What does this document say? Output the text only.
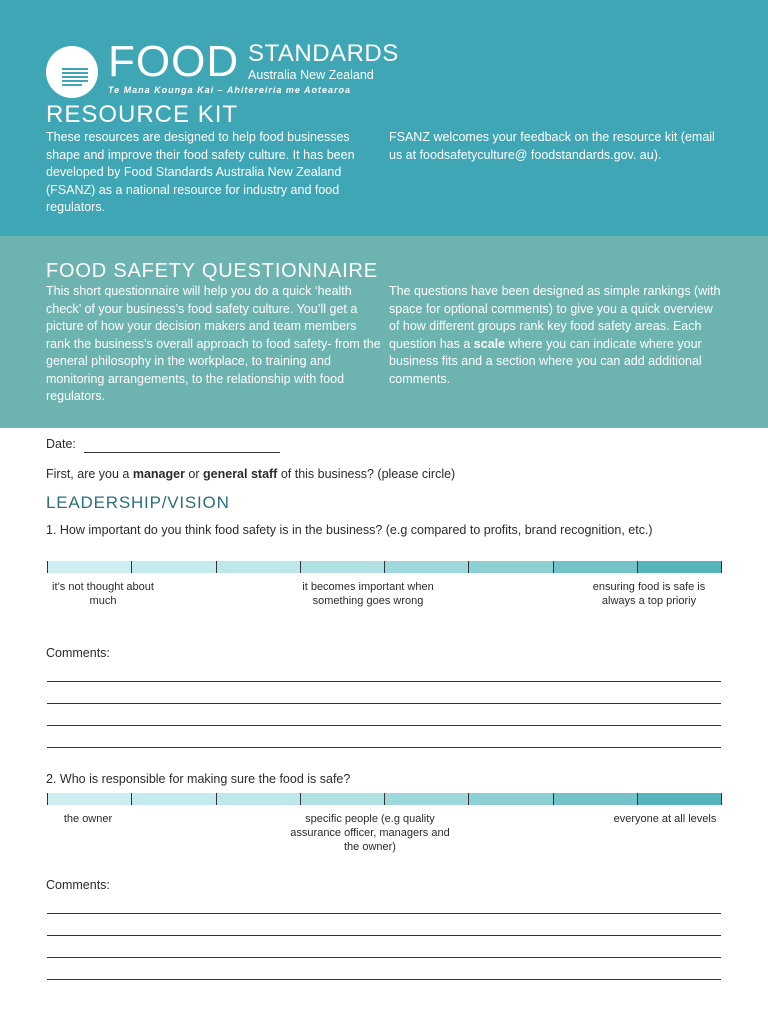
FOOD STANDARDS
Australia New Zealand
Te Mana Kounga Kai – Ahitereiria me Aotearoa
RESOURCE KIT

These resources are designed to help food businesses shape and improve their food safety culture. It has been developed by Food Standards Australia New Zealand (FSANZ) as a national resource for industry and food regulators.

FSANZ welcomes your feedback on the resource kit (email us at foodsafetyculture@ foodstandards.gov. au).

FOOD SAFETY QUESTIONNAIRE

This short questionnaire will help you do a quick ‘health check’ of your business’s food safety culture. You’ll get a picture of how your decision makers and team members rank the business’s overall approach to food safety- from the general philosophy in the workplace, to training and monitoring arrangements, to the relationship with food regulators.

The questions have been designed as simple rankings (with space for optional comments) to give you a quick overview of how different groups rank key food safety areas. Each question has a scale where you can indicate where your business fits and a section where you can add additional comments.

Date:
First, are you a manager or general staff of this business? (please circle)
LEADERSHIP/VISION

1. How important do you think food safety is in the business? (e.g compared to profits, brand recognition, etc.)

it’s not thought about much
it becomes important when something goes wrong
ensuring food is safe is always a top prioriy
Comments:

2. Who is responsible for making sure the food is safe?

the owner	specific people (e.g quality assurance officer, managers and the owner)
everyone at all levels
Comments:
